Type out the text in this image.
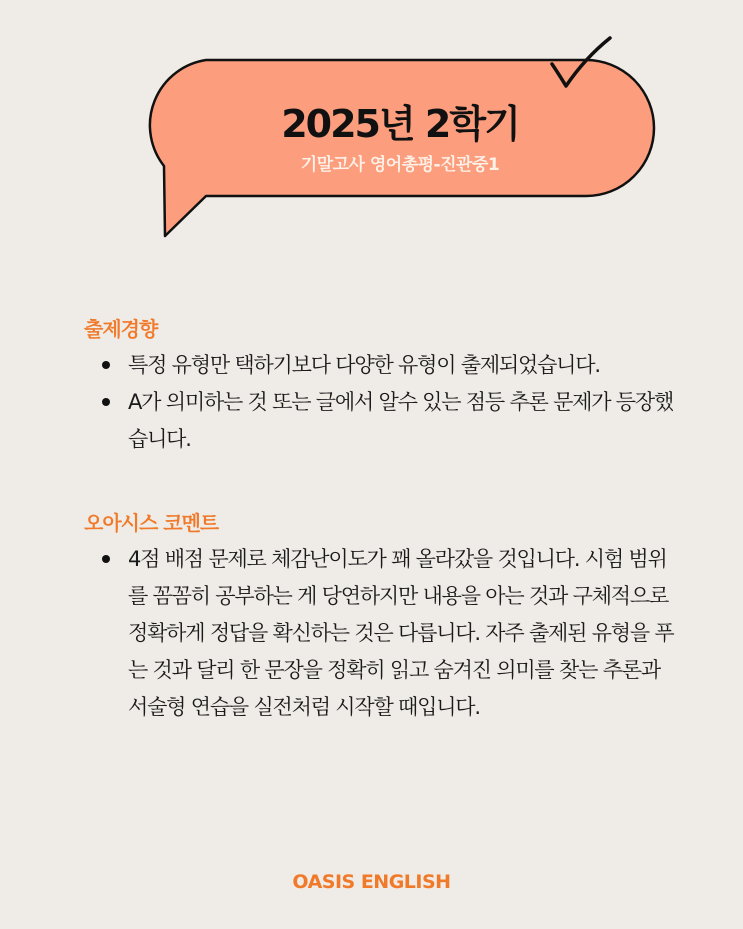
2025년 2학기
기말고사 영어총평-진관중1
출제경향
특정 유형만 택하기보다 다양한 유형이 출제되었습니다.
A가 의미하는 것 또는 글에서 알수 있는 점등 추론 문제가 등장했습니다.
오아시스 코멘트
4점 배점 문제로 체감난이도가 꽤 올라갔을 것입니다. 시험 범위를 꼼꼼히 공부하는 게 당연하지만 내용을 아는 것과 구체적으로 정확하게 정답을 확신하는 것은 다릅니다. 자주 출제된 유형을 푸는 것과 달리 한 문장을 정확히 읽고 숨겨진 의미를 찾는 추론과 서술형 연습을 실전처럼 시작할 때입니다.
OASIS ENGLISH
